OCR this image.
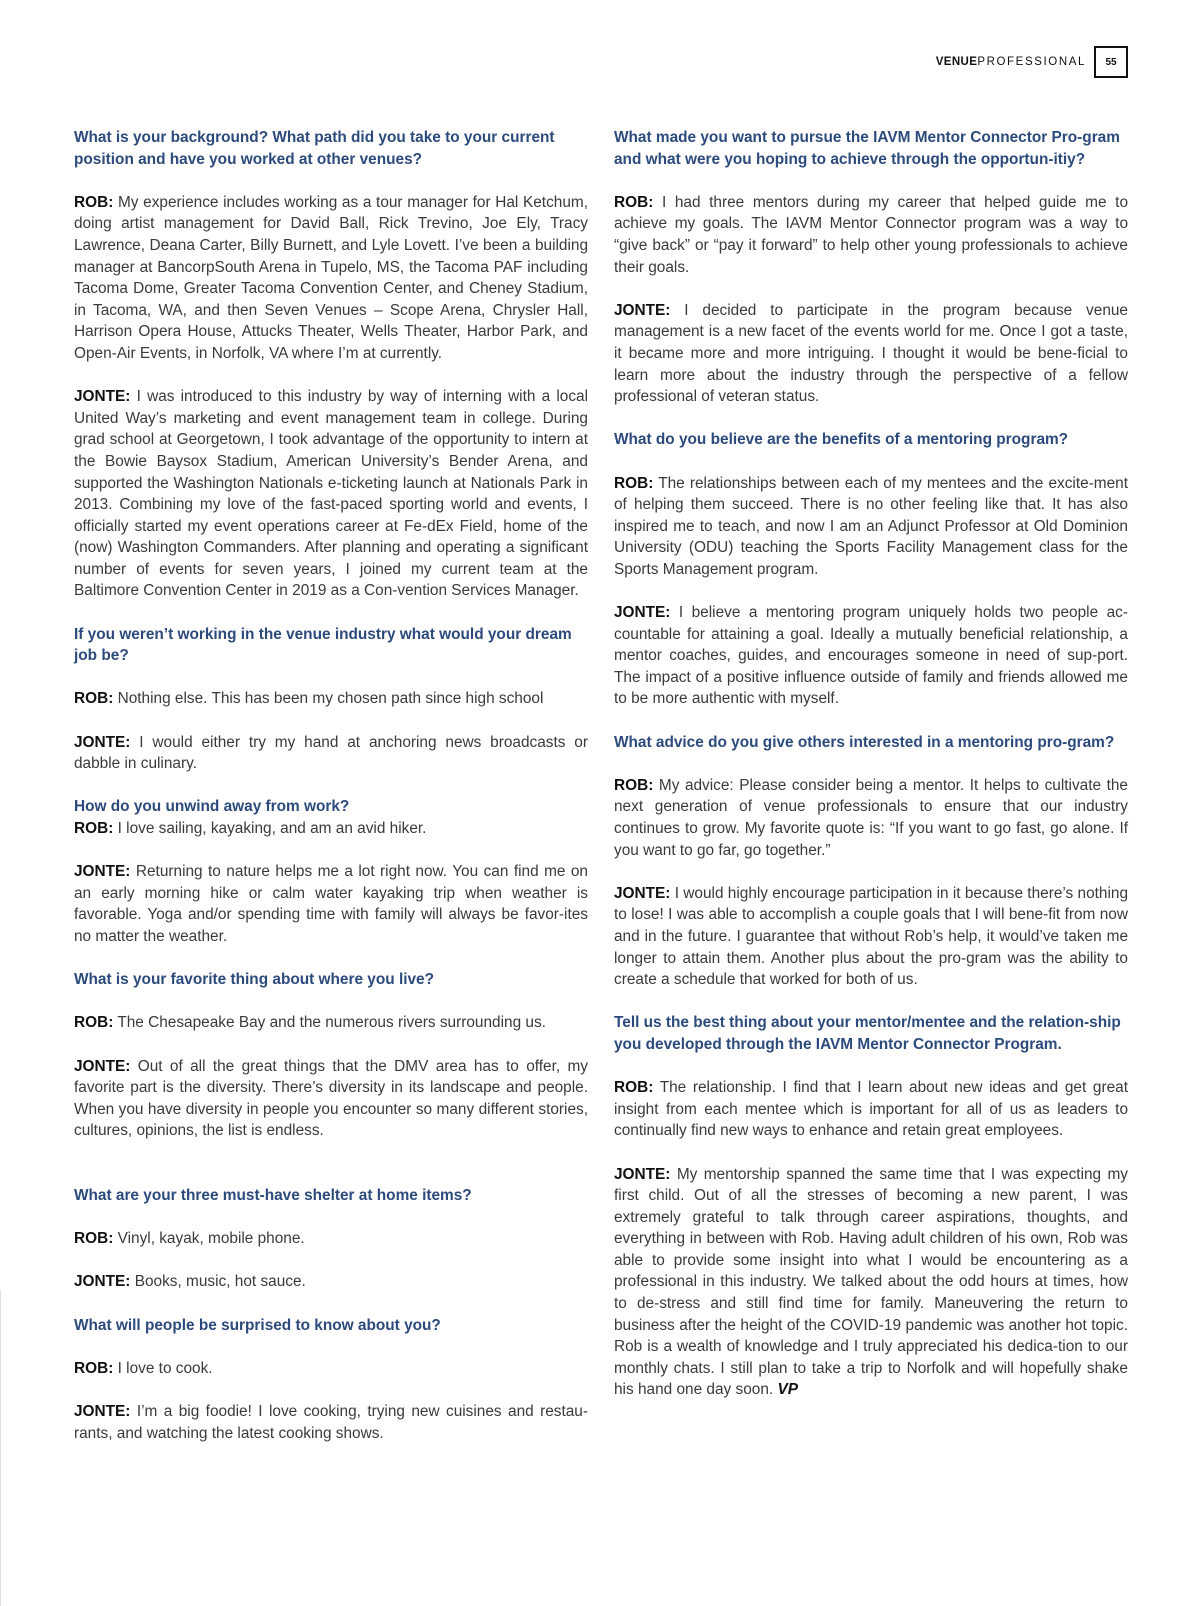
VENUEPROFESSIONAL	55

What is your background? What path did you take to your current position and have you worked at other venues?

ROB: My experience includes working as a tour manager for Hal Ketchum, doing artist management for David Ball, Rick Trevino, Joe Ely, Tracy Lawrence, Deana Carter, Billy Burnett, and Lyle Lovett. I’ve been a building manager at BancorpSouth Arena in Tupelo, MS, the Tacoma PAF including Tacoma Dome, Greater Tacoma Convention Center, and Cheney Stadium, in Tacoma, WA, and then Seven Venues – Scope Arena, Chrysler Hall, Harrison Opera House, Attucks Theater, Wells Theater, Harbor Park, and Open-Air Events, in Norfolk, VA where I’m at currently.

JONTE: I was introduced to this industry by way of interning with a local United Way’s marketing and event management team in college. During grad school at Georgetown, I took advantage of the opportunity to intern at the Bowie Baysox Stadium, American University’s Bender Arena, and supported the Washington Nationals e-ticketing launch at Nationals Park in 2013. Combining my love of the fast-paced sporting world and events, I officially started my event operations career at Fe-dEx Field, home of the (now) Washington Commanders. After planning and operating a significant number of events for seven years, I joined my current team at the Baltimore Convention Center in 2019 as a Con-vention Services Manager.

If you weren’t working in the venue industry what would your dream job be?

ROB: Nothing else. This has been my chosen path since high school

JONTE: I would either try my hand at anchoring news broadcasts or dabble in culinary.

How do you unwind away from work?

ROB: I love sailing, kayaking, and am an avid hiker.

JONTE: Returning to nature helps me a lot right now. You can find me on an early morning hike or calm water kayaking trip when weather is favorable. Yoga and/or spending time with family will always be favor-ites no matter the weather.

What is your favorite thing about where you live?

ROB: The Chesapeake Bay and the numerous rivers surrounding us.

JONTE: Out of all the great things that the DMV area has to offer, my favorite part is the diversity. There’s diversity in its landscape and people. When you have diversity in people you encounter so many different stories, cultures, opinions, the list is endless.

What are your three must-have shelter at home items?

ROB: Vinyl, kayak, mobile phone.

JONTE: Books, music, hot sauce.

What will people be surprised to know about you?

ROB: I love to cook.

JONTE: I’m a big foodie! I love cooking, trying new cuisines and restau-rants, and watching the latest cooking shows.

What made you want to pursue the IAVM Mentor Connector Pro-gram and what were you hoping to achieve through the opportun-itiy?

ROB: I had three mentors during my career that helped guide me to achieve my goals. The IAVM Mentor Connector program was a way to “give back” or “pay it forward” to help other young professionals to achieve their goals.

JONTE: I decided to participate in the program because venue management is a new facet of the events world for me. Once I got a taste, it became more and more intriguing. I thought it would be bene-ficial to learn more about the industry through the perspective of a fellow professional of veteran status.

What do you believe are the benefits of a mentoring program?

ROB: The relationships between each of my mentees and the excite-ment of helping them succeed. There is no other feeling like that. It has also inspired me to teach, and now I am an Adjunct Professor at Old Dominion University (ODU) teaching the Sports Facility Management class for the Sports Management program.

JONTE: I believe a mentoring program uniquely holds two people ac-countable for attaining a goal. Ideally a mutually beneficial relationship, a mentor coaches, guides, and encourages someone in need of sup-port. The impact of a positive influence outside of family and friends allowed me to be more authentic with myself.

What advice do you give others interested in a mentoring pro-gram?

ROB: My advice: Please consider being a mentor. It helps to cultivate the next generation of venue professionals to ensure that our industry continues to grow. My favorite quote is: “If you want to go fast, go alone. If you want to go far, go together.”

JONTE: I would highly encourage participation in it because there’s nothing to lose! I was able to accomplish a couple goals that I will bene-fit from now and in the future. I guarantee that without Rob’s help, it would’ve taken me longer to attain them. Another plus about the pro-gram was the ability to create a schedule that worked for both of us.

Tell us the best thing about your mentor/mentee and the relation-ship you developed through the IAVM Mentor Connector Program.

ROB: The relationship. I find that I learn about new ideas and get great insight from each mentee which is important for all of us as leaders to continually find new ways to enhance and retain great employees.

JONTE: My mentorship spanned the same time that I was expecting my first child. Out of all the stresses of becoming a new parent, I was extremely grateful to talk through career aspirations, thoughts, and everything in between with Rob. Having adult children of his own, Rob was able to provide some insight into what I would be encountering as a professional in this industry. We talked about the odd hours at times, how to de-stress and still find time for family. Maneuvering the return to business after the height of the COVID-19 pandemic was another hot topic. Rob is a wealth of knowledge and I truly appreciated his dedica-tion to our monthly chats. I still plan to take a trip to Norfolk and will hopefully shake his hand one day soon. VP
